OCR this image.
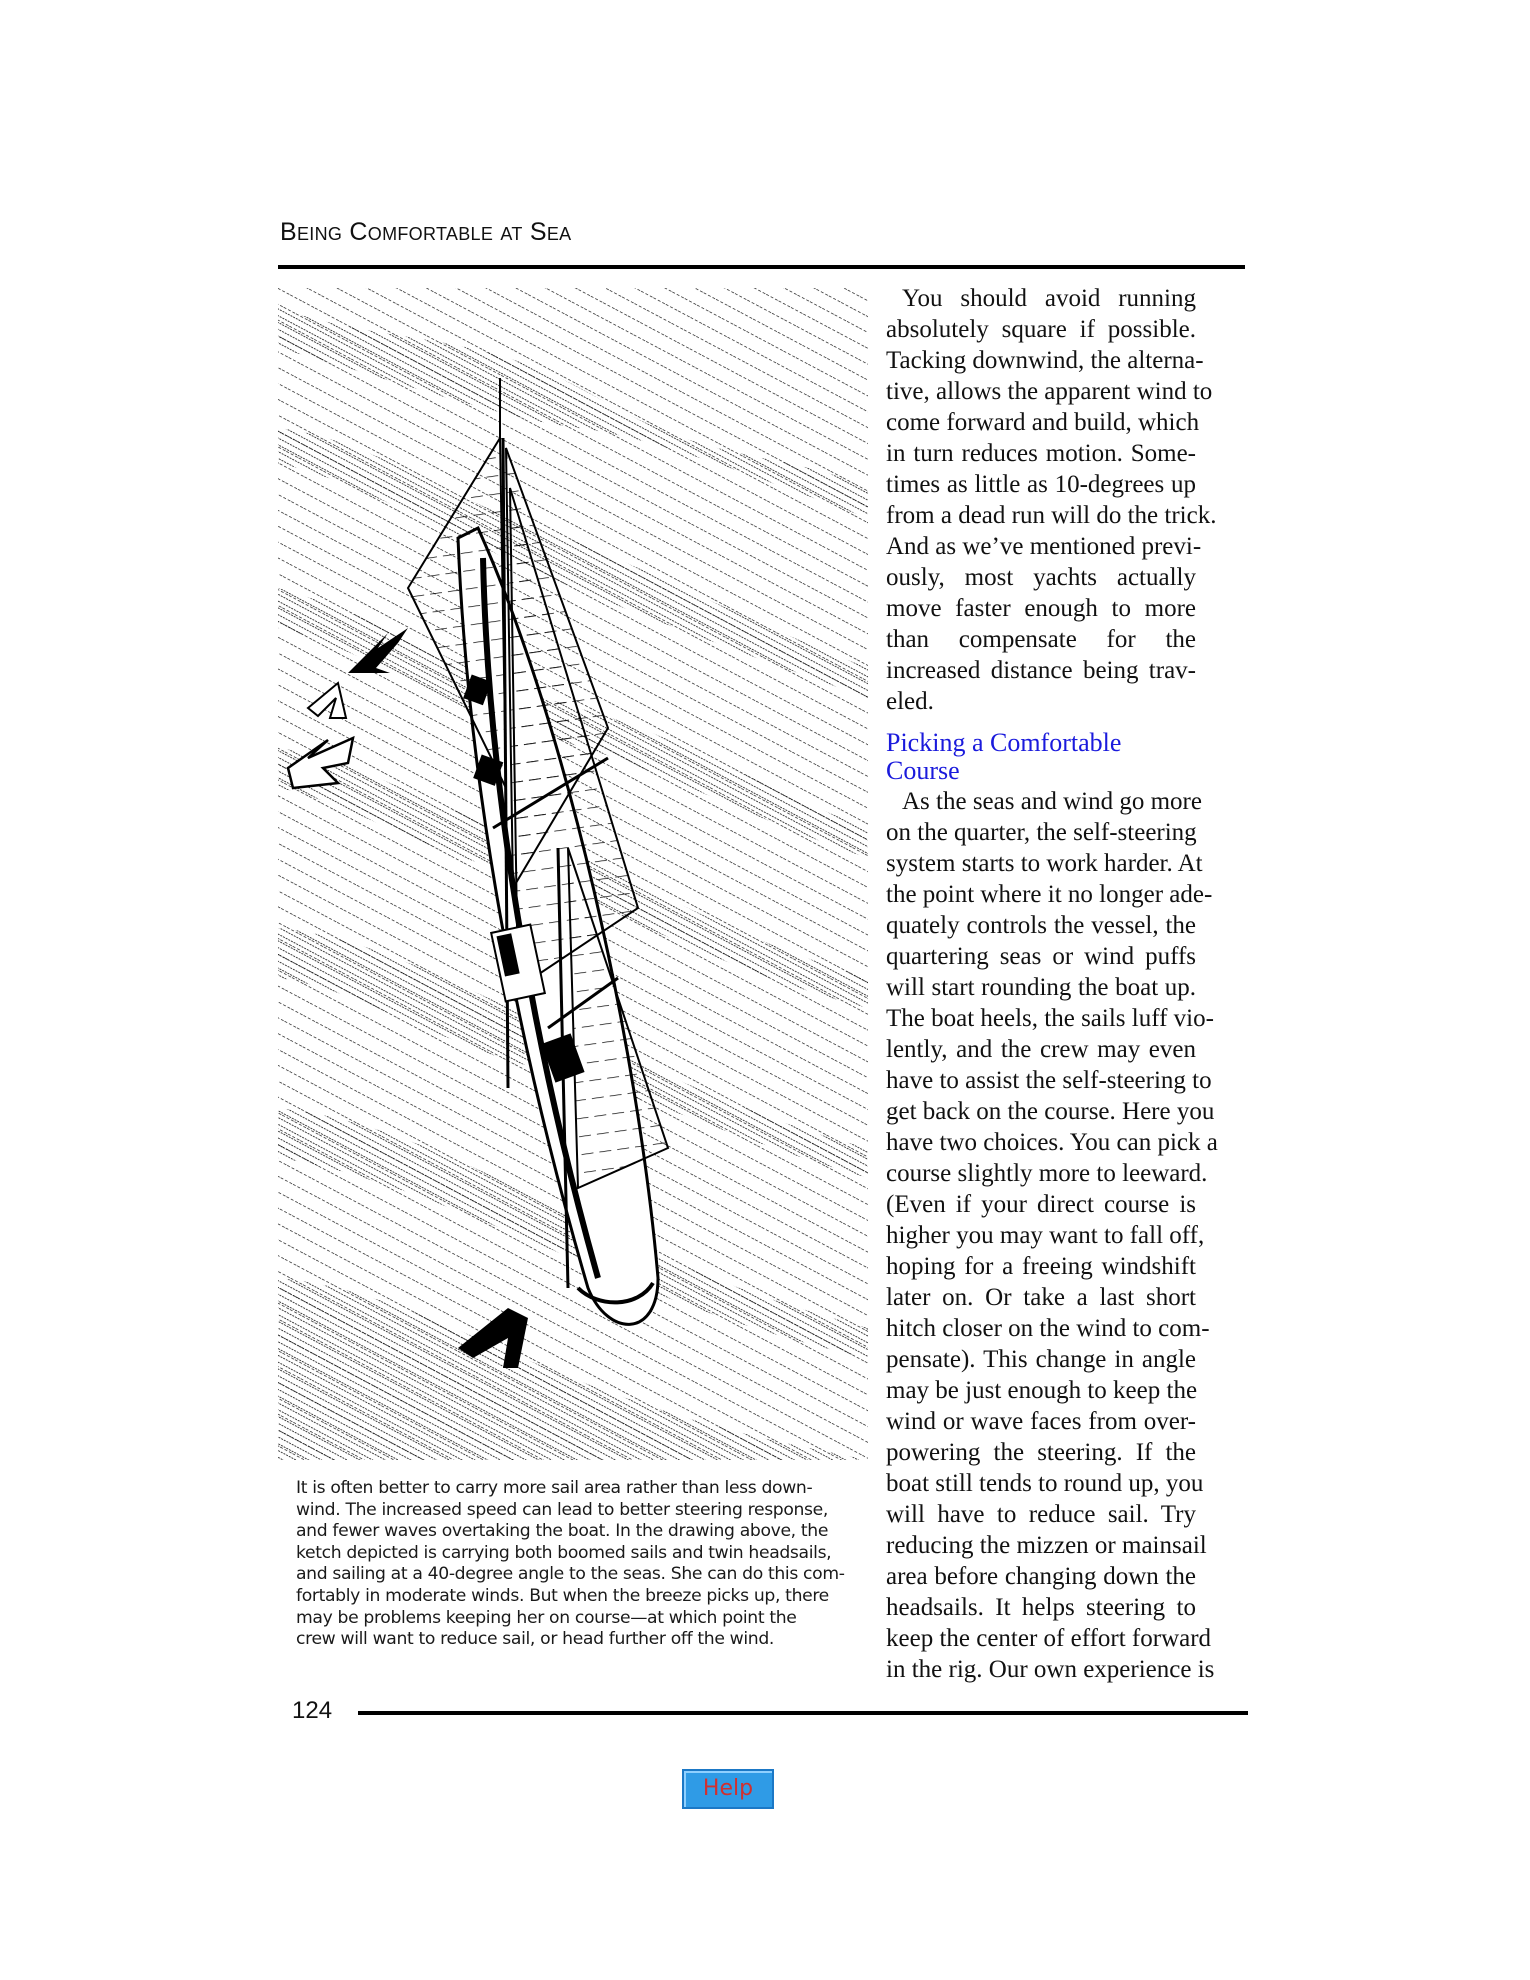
Being Comfortable at Sea
It is often better to carry more sail area rather than less down-
wind. The increased speed can lead to better steering response,
and fewer waves overtaking the boat. In the drawing above, the
ketch depicted is carrying both boomed sails and twin headsails,
and sailing at a 40-degree angle to the seas. She can do this com-
fortably in moderate winds. But when the breeze picks up, there
may be problems keeping her on course—at which point the
crew will want to reduce sail, or head further off the wind.
You should avoid running
absolutely square if possible.
Tacking downwind, the alterna-
tive, allows the apparent wind to
come forward and build, which
in turn reduces motion. Some-
times as little as 10-degrees up
from a dead run will do the trick.
And as we’ve mentioned previ-
ously, most yachts actually
move faster enough to more
than compensate for the
increased distance being trav-
eled.
Picking a Comfortable
Course
As the seas and wind go more
on the quarter, the self-steering
system starts to work harder. At
the point where it no longer ade-
quately controls the vessel, the
quartering seas or wind puffs
will start rounding the boat up.
The boat heels, the sails luff vio-
lently, and the crew may even
have to assist the self-steering to
get back on the course. Here you
have two choices. You can pick a
course slightly more to leeward.
(Even if your direct course is
higher you may want to fall off,
hoping for a freeing windshift
later on. Or take a last short
hitch closer on the wind to com-
pensate). This change in angle
may be just enough to keep the
wind or wave faces from over-
powering the steering. If the
boat still tends to round up, you
will have to reduce sail. Try
reducing the mizzen or mainsail
area before changing down the
headsails. It helps steering to
keep the center of effort forward
in the rig. Our own experience is
124
Help
